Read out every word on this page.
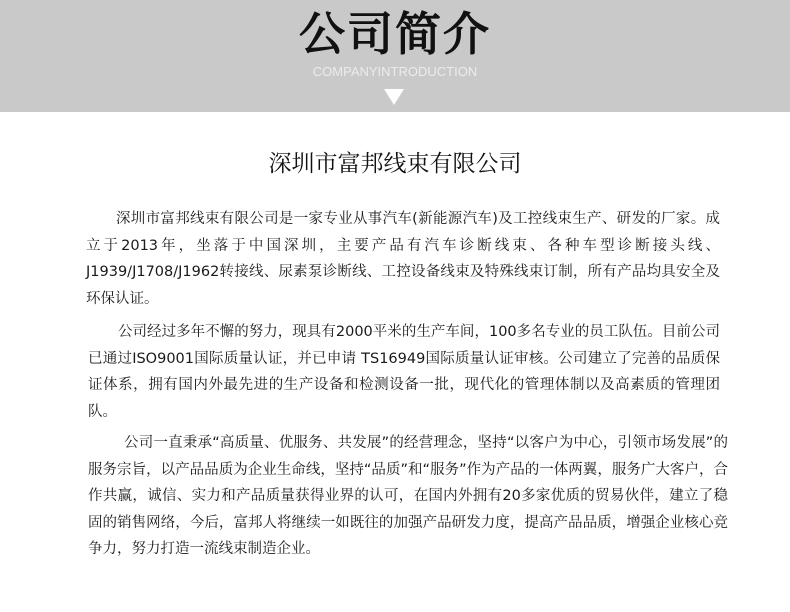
公司简介
COMPANYINTRODUCTION
深圳市富邦线束有限公司

深圳市富邦线束有限公司是一家专业从事汽车(新能源汽车)及工控线束生产、研发的厂家。成立于2013年，坐落于中国深圳，主要产品有汽车诊断线束、各种车型诊断接头线、J1939/J1708/J1962转接线、尿素泵诊断线、工控设备线束及特殊线束订制，所有产品均具安全及环保认证。

公司经过多年不懈的努力，现具有2000平米的生产车间，100多名专业的员工队伍。目前公司已通过ISO9001国际质量认证，并已申请 TS16949国际质量认证审核。公司建立了完善的品质保证体系，拥有国内外最先进的生产设备和检测设备一批，现代化的管理体制以及高素质的管理团队。

公司一直秉承“高质量、优服务、共发展”的经营理念，坚持“以客户为中心，引领市场发展”的服务宗旨，以产品品质为企业生命线，坚持“品质”和“服务”作为产品的一体两翼，服务广大客户，合作共赢，诚信、实力和产品质量获得业界的认可，在国内外拥有20多家优质的贸易伙伴，建立了稳固的销售网络，今后，富邦人将继续一如既往的加强产品研发力度，提高产品品质，增强企业核心竞争力，努力打造一流线束制造企业。
